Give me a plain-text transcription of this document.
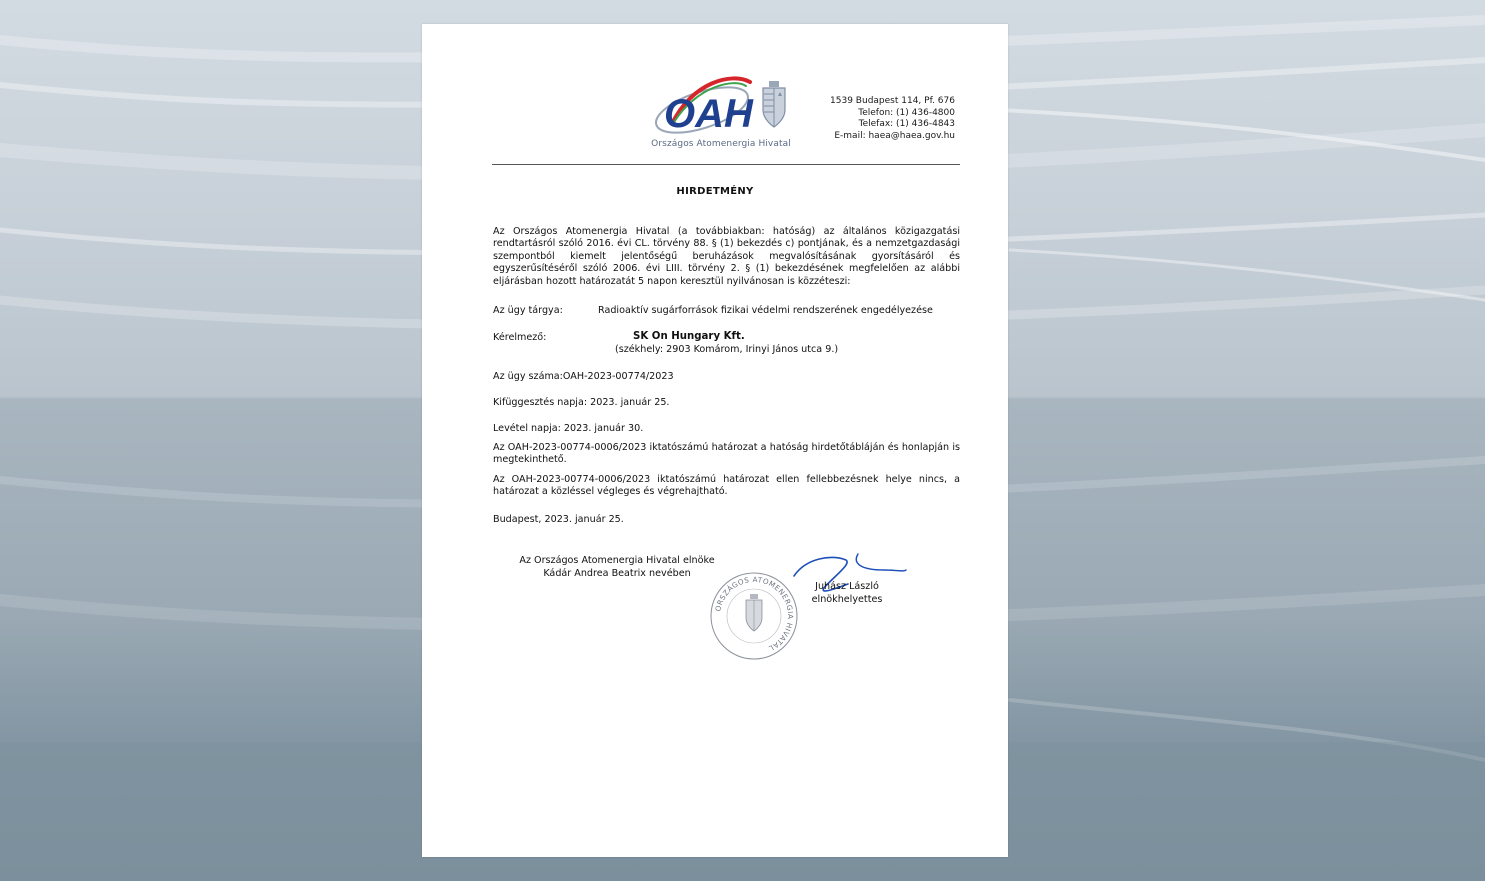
OAH
Országos Atomenergia Hivatal
1539 Budapest 114, Pf. 676
Telefon: (1) 436-4800
Telefax: (1) 436-4843
E-mail: haea@haea.gov.hu
HIRDETMÉNY
Az Országos Atomenergia Hivatal (a továbbiakban: hatóság) az általános közigazgatási rendtartásról szóló 2016. évi CL. törvény 88. § (1) bekezdés c) pontjának, és a nemzetgazdasági szempontból kiemelt jelentőségű beruházások megvalósításának gyorsításáról és egyszerűsítéséről szóló 2006. évi LIII. törvény 2. § (1) bekezdésének megfelelően az alábbi eljárásban hozott határozatát 5 napon keresztül nyilvánosan is közzéteszi:
Az ügy tárgya:	Radioaktív sugárforrások fizikai védelmi rendszerének engedélyezése
Kérelmező:	SK On Hungary Kft.
(székhely: 2903 Komárom, Irinyi János utca 9.)
Az ügy száma:OAH-2023-00774/2023
Kifüggesztés napja: 2023. január 25.
Levétel napja: 2023. január 30.
Az OAH-2023-00774-0006/2023 iktatószámú határozat a hatóság hirdetőtábláján és honlapján is megtekinthető.
Az OAH-2023-00774-0006/2023 iktatószámú határozat ellen fellebbezésnek helye nincs, a határozat a közléssel végleges és végrehajtható.
Budapest, 2023. január 25.
Az Országos Atomenergia Hivatal elnöke
Kádár Andrea Beatrix nevében
ORSZÁGOS ATOMENERGIA HIVATAL
Juhász László
elnökhelyettes
